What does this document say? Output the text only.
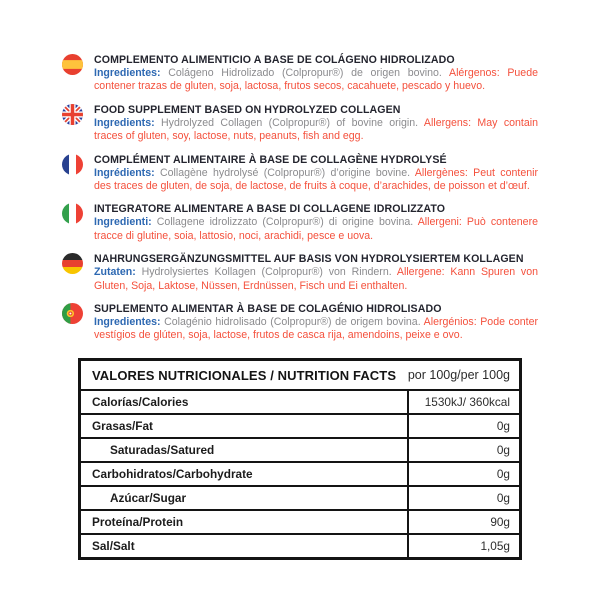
COMPLEMENTO ALIMENTICIO A BASE DE COLÁGENO HIDROLIZADO
Ingredientes: Colágeno Hidrolizado (Colpropur®) de origen bovino. Alérgenos: Puede contener trazas de gluten, soja, lactosa, frutos secos, cacahuete, pescado y huevo.
FOOD SUPPLEMENT BASED ON HYDROLYZED COLLAGEN
Ingredients: Hydrolyzed Collagen (Colpropur®) of bovine origin. Allergens: May contain traces of gluten, soy, lactose, nuts, peanuts, fish and egg.
COMPLÉMENT ALIMENTAIRE À BASE DE COLLAGÈNE HYDROLYSÉ
Ingrédients: Collagène hydrolysé (Colpropur®) d’origine bovine. Allergènes: Peut contenir des traces de gluten, de soja, de lactose, de fruits à coque, d’arachides, de poisson et d’œuf.
INTEGRATORE ALIMENTARE A BASE DI COLLAGENE IDROLIZZATO
Ingredienti: Collagene idrolizzato (Colpropur®) di origine bovina. Allergeni: Può contenere tracce di glutine, soia, lattosio, noci, arachidi, pesce e uova.
NAHRUNGSERGÄNZUNGSMITTEL AUF BASIS VON HYDROLYSIERTEM KOLLAGEN
Zutaten: Hydrolysiertes Kollagen (Colpropur®) von Rindern. Allergene: Kann Spuren von Gluten, Soja, Laktose, Nüssen, Erdnüssen, Fisch und Ei enthalten.
SUPLEMENTO ALIMENTAR À BASE DE COLAGÉNIO HIDROLISADO
Ingredientes: Colagénio hidrolisado (Colpropur®) de origem bovina. Alergénios: Pode conter vestígios de glúten, soja, lactose, frutos de casca rija, amendoins, peixe e ovo.
VALORES NUTRICIONALES / NUTRITION FACTS por 100g/per 100g
Calorías/Calories	1530kJ/ 360kcal
Grasas/Fat	0g
Saturadas/Satured	0g
Carbohidratos/Carbohydrate	0g
Azúcar/Sugar	0g
Proteína/Protein	90g
Sal/Salt	1,05g
